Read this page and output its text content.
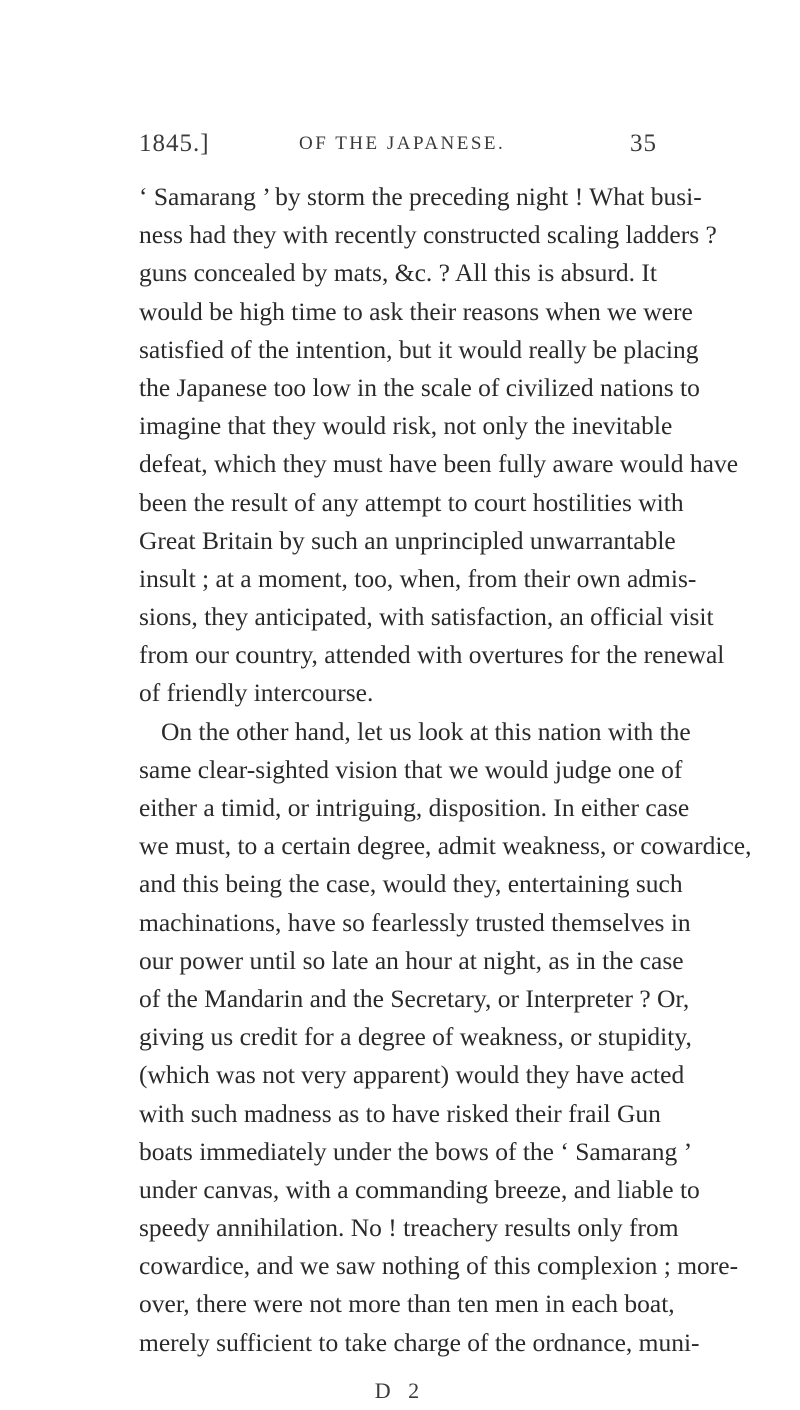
1845.]	OF THE JAPANESE.	35
‘ Samarang ’ by storm the preceding night ! What busi-
ness had they with recently constructed scaling ladders ?
guns concealed by mats, &c. ? All this is absurd. It
would be high time to ask their reasons when we were
satisfied of the intention, but it would really be placing
the Japanese too low in the scale of civilized nations to
imagine that they would risk, not only the inevitable
defeat, which they must have been fully aware would have
been the result of any attempt to court hostilities with
Great Britain by such an unprincipled unwarrantable
insult ; at a moment, too, when, from their own admis-
sions, they anticipated, with satisfaction, an official visit
from our country, attended with overtures for the renewal
of friendly intercourse.
On the other hand, let us look at this nation with the
same clear-sighted vision that we would judge one of
either a timid, or intriguing, disposition. In either case
we must, to a certain degree, admit weakness, or cowardice,
and this being the case, would they, entertaining such
machinations, have so fearlessly trusted themselves in
our power until so late an hour at night, as in the case
of the Mandarin and the Secretary, or Interpreter ? Or,
giving us credit for a degree of weakness, or stupidity,
(which was not very apparent) would they have acted
with such madness as to have risked their frail Gun
boats immediately under the bows of the ‘ Samarang ’
under canvas, with a commanding breeze, and liable to
speedy annihilation. No ! treachery results only from
cowardice, and we saw nothing of this complexion ; more-
over, there were not more than ten men in each boat,
merely sufficient to take charge of the ordnance, muni-
D 2
